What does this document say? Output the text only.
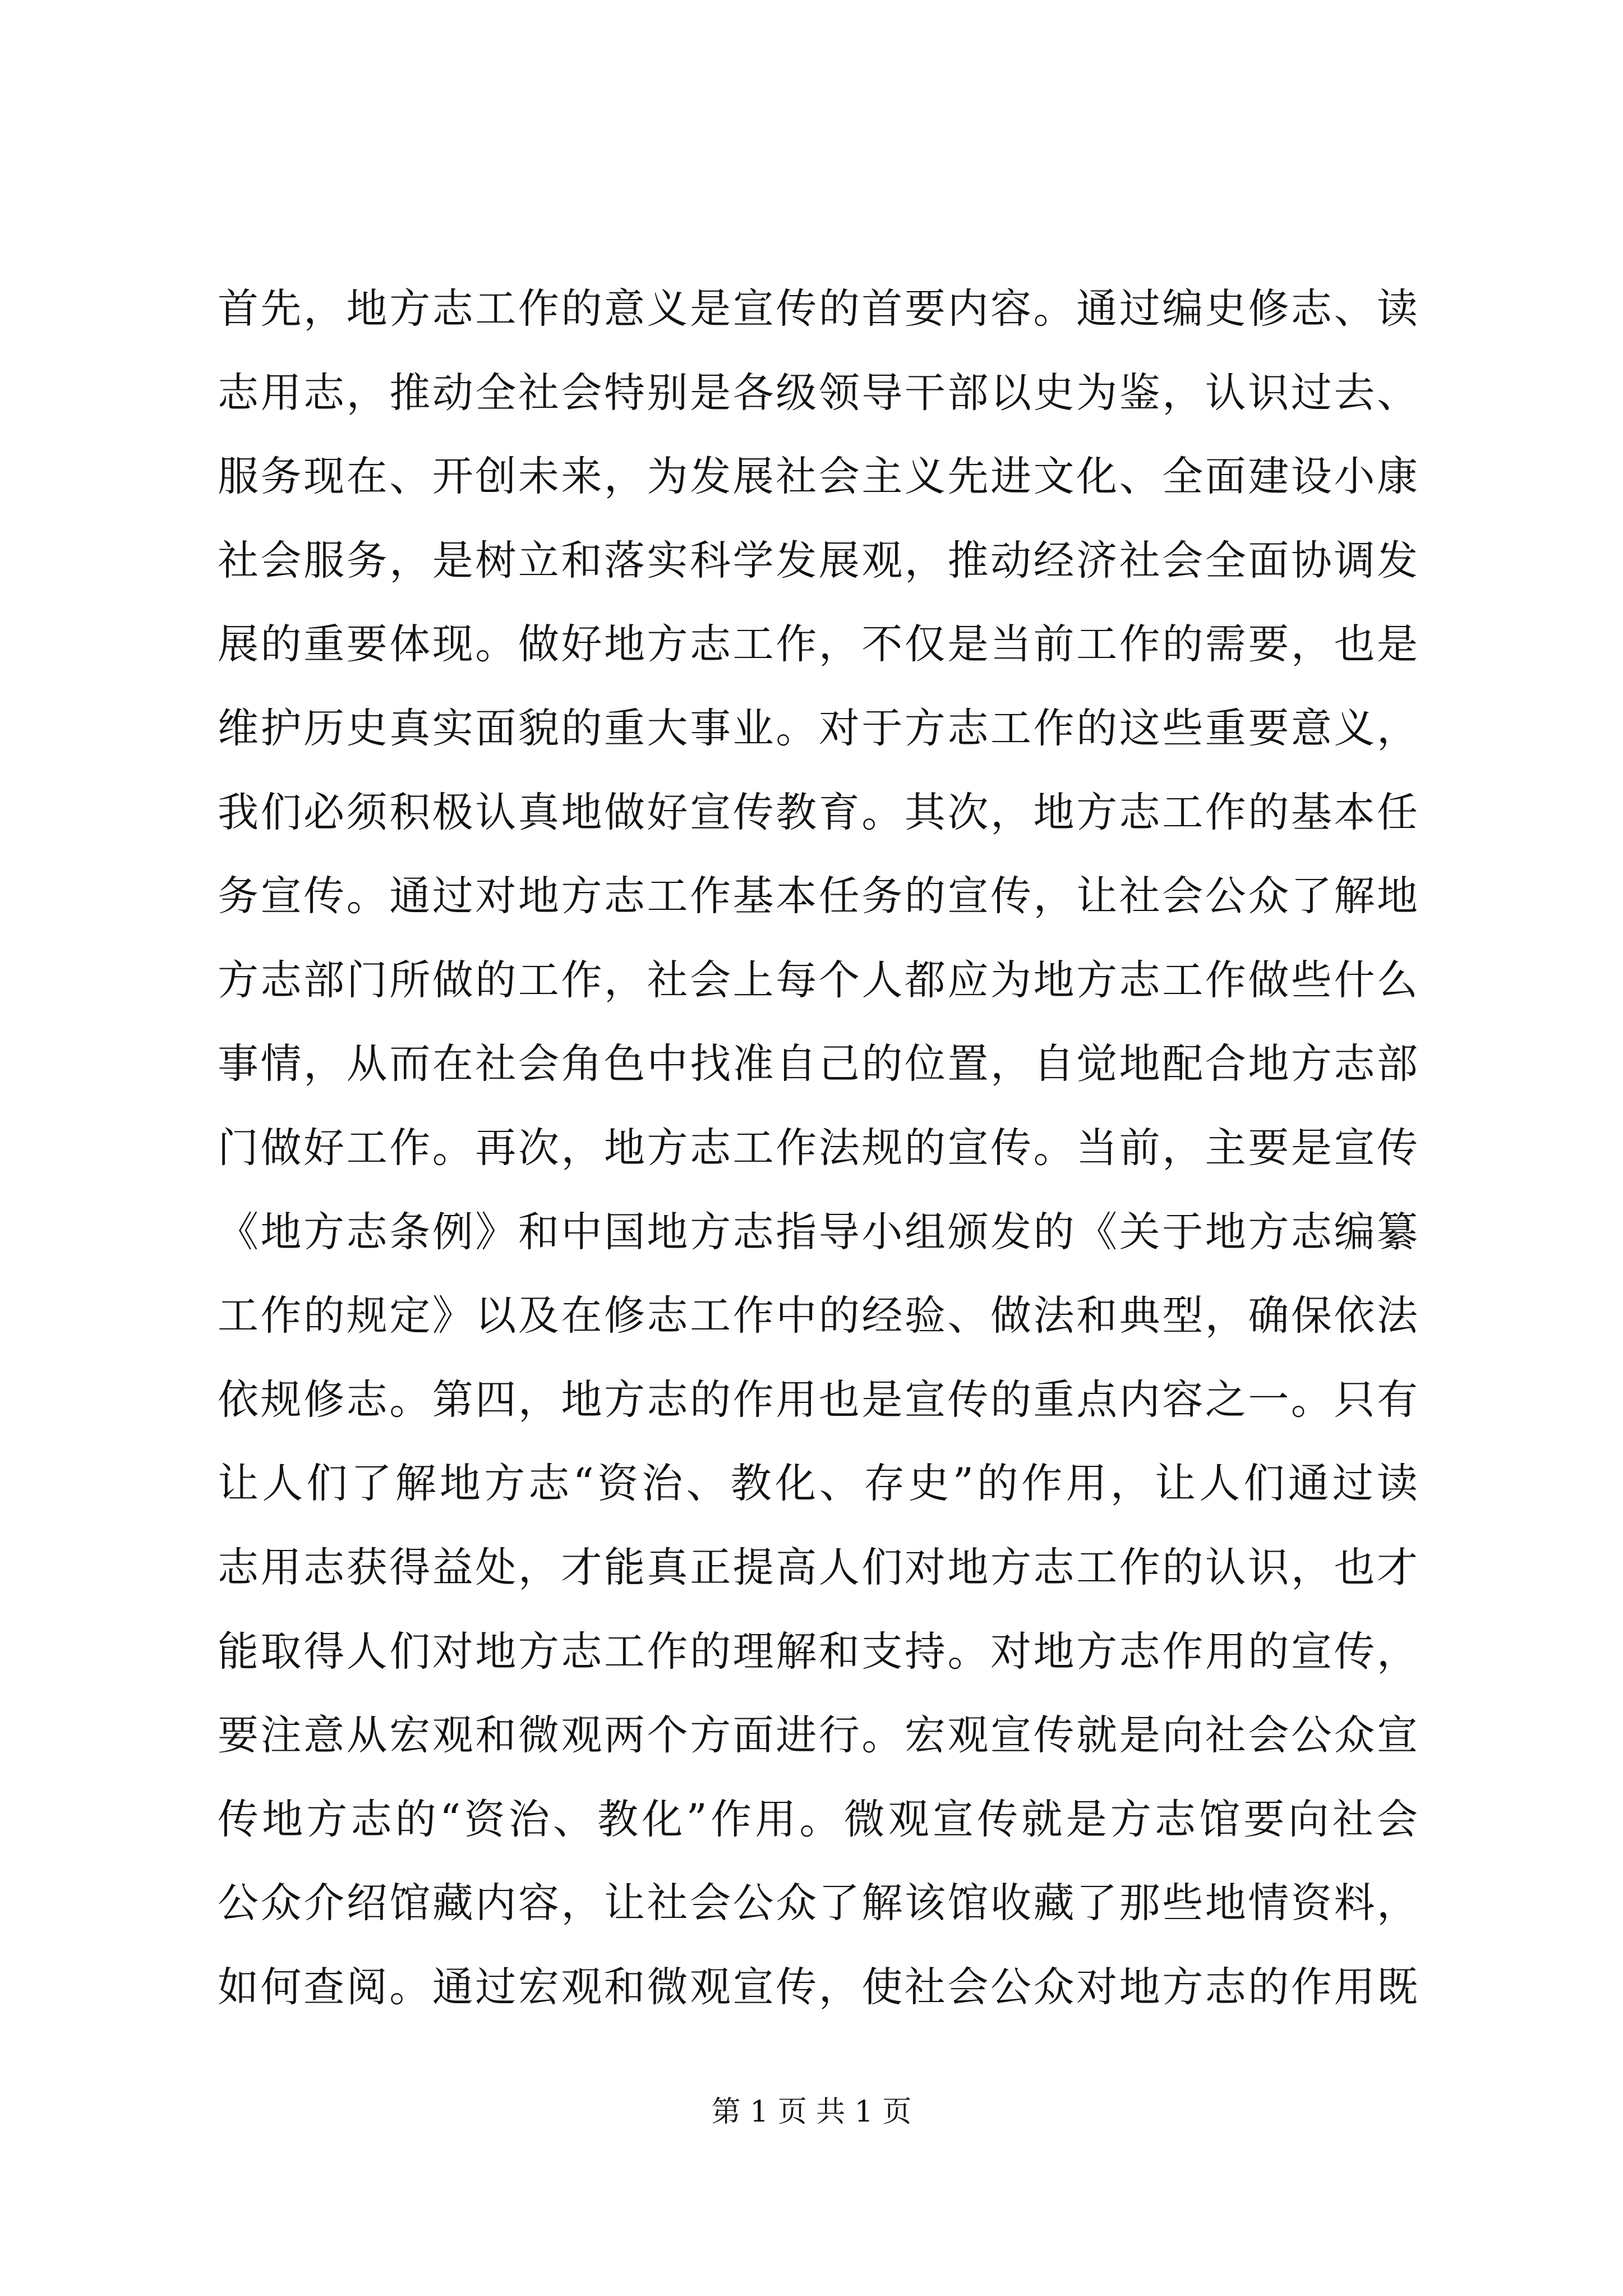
首先，地方志工作的意义是宣传的首要内容。通过编史修志、读
志用志，推动全社会特别是各级领导干部以史为鉴，认识过去、
服务现在、开创未来，为发展社会主义先进文化、全面建设小康
社会服务，是树立和落实科学发展观，推动经济社会全面协调发
展的重要体现。做好地方志工作，不仅是当前工作的需要，也是
维护历史真实面貌的重大事业。对于方志工作的这些重要意义，
我们必须积极认真地做好宣传教育。其次，地方志工作的基本任
务宣传。通过对地方志工作基本任务的宣传，让社会公众了解地
方志部门所做的工作，社会上每个人都应为地方志工作做些什么
事情，从而在社会角色中找准自己的位置，自觉地配合地方志部
门做好工作。再次，地方志工作法规的宣传。当前，主要是宣传
《地方志条例》和中国地方志指导小组颁发的《关于地方志编纂
工作的规定》以及在修志工作中的经验、做法和典型，确保依法
依规修志。第四，地方志的作用也是宣传的重点内容之一。只有
让人们了解地方志“资治、教化、存史”的作用，让人们通过读
志用志获得益处，才能真正提高人们对地方志工作的认识，也才
能取得人们对地方志工作的理解和支持。对地方志作用的宣传，
要注意从宏观和微观两个方面进行。宏观宣传就是向社会公众宣
传地方志的“资治、教化”作用。微观宣传就是方志馆要向社会
公众介绍馆藏内容，让社会公众了解该馆收藏了那些地情资料，
如何查阅。通过宏观和微观宣传，使社会公众对地方志的作用既
第 1 页 共 1 页
